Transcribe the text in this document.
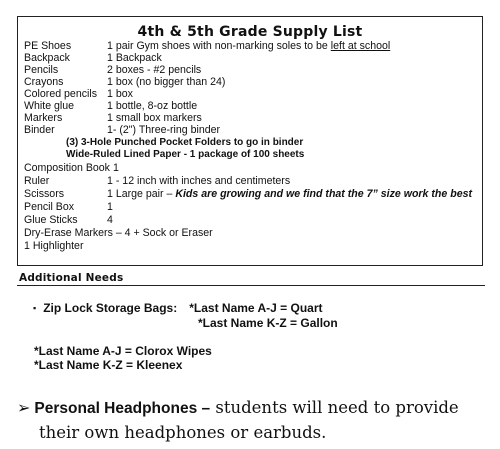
4th & 5th Grade Supply List
PE Shoes	1 pair Gym shoes with non-marking soles to be left at school
Backpack	1 Backpack
Pencils	2 boxes - #2 pencils
Crayons	1 box (no bigger than 24)
Colored pencils 1 box
White glue	1 bottle, 8-oz bottle
Markers	1 small box markers
Binder	1- (2") Three-ring binder
(3) 3-Hole Punched Pocket Folders to go in binder
Wide-Ruled Lined Paper - 1 package of 100 sheets
Composition Book 1
Ruler	1 - 12 inch with inches and centimeters
Scissors	1 Large pair – Kids are growing and we find that the 7” size work the best
Pencil Box	1
Glue Sticks	4
Dry-Erase Markers – 4 + Sock or Eraser
1 Highlighter
Additional Needs
▪ Zip Lock Storage Bags: *Last Name A-J = Quart
*Last Name K-Z = Gallon
*Last Name A-J = Clorox Wipes
*Last Name K-Z = Kleenex
➢ Personal Headphones – students will need to provide
their own headphones or earbuds.
